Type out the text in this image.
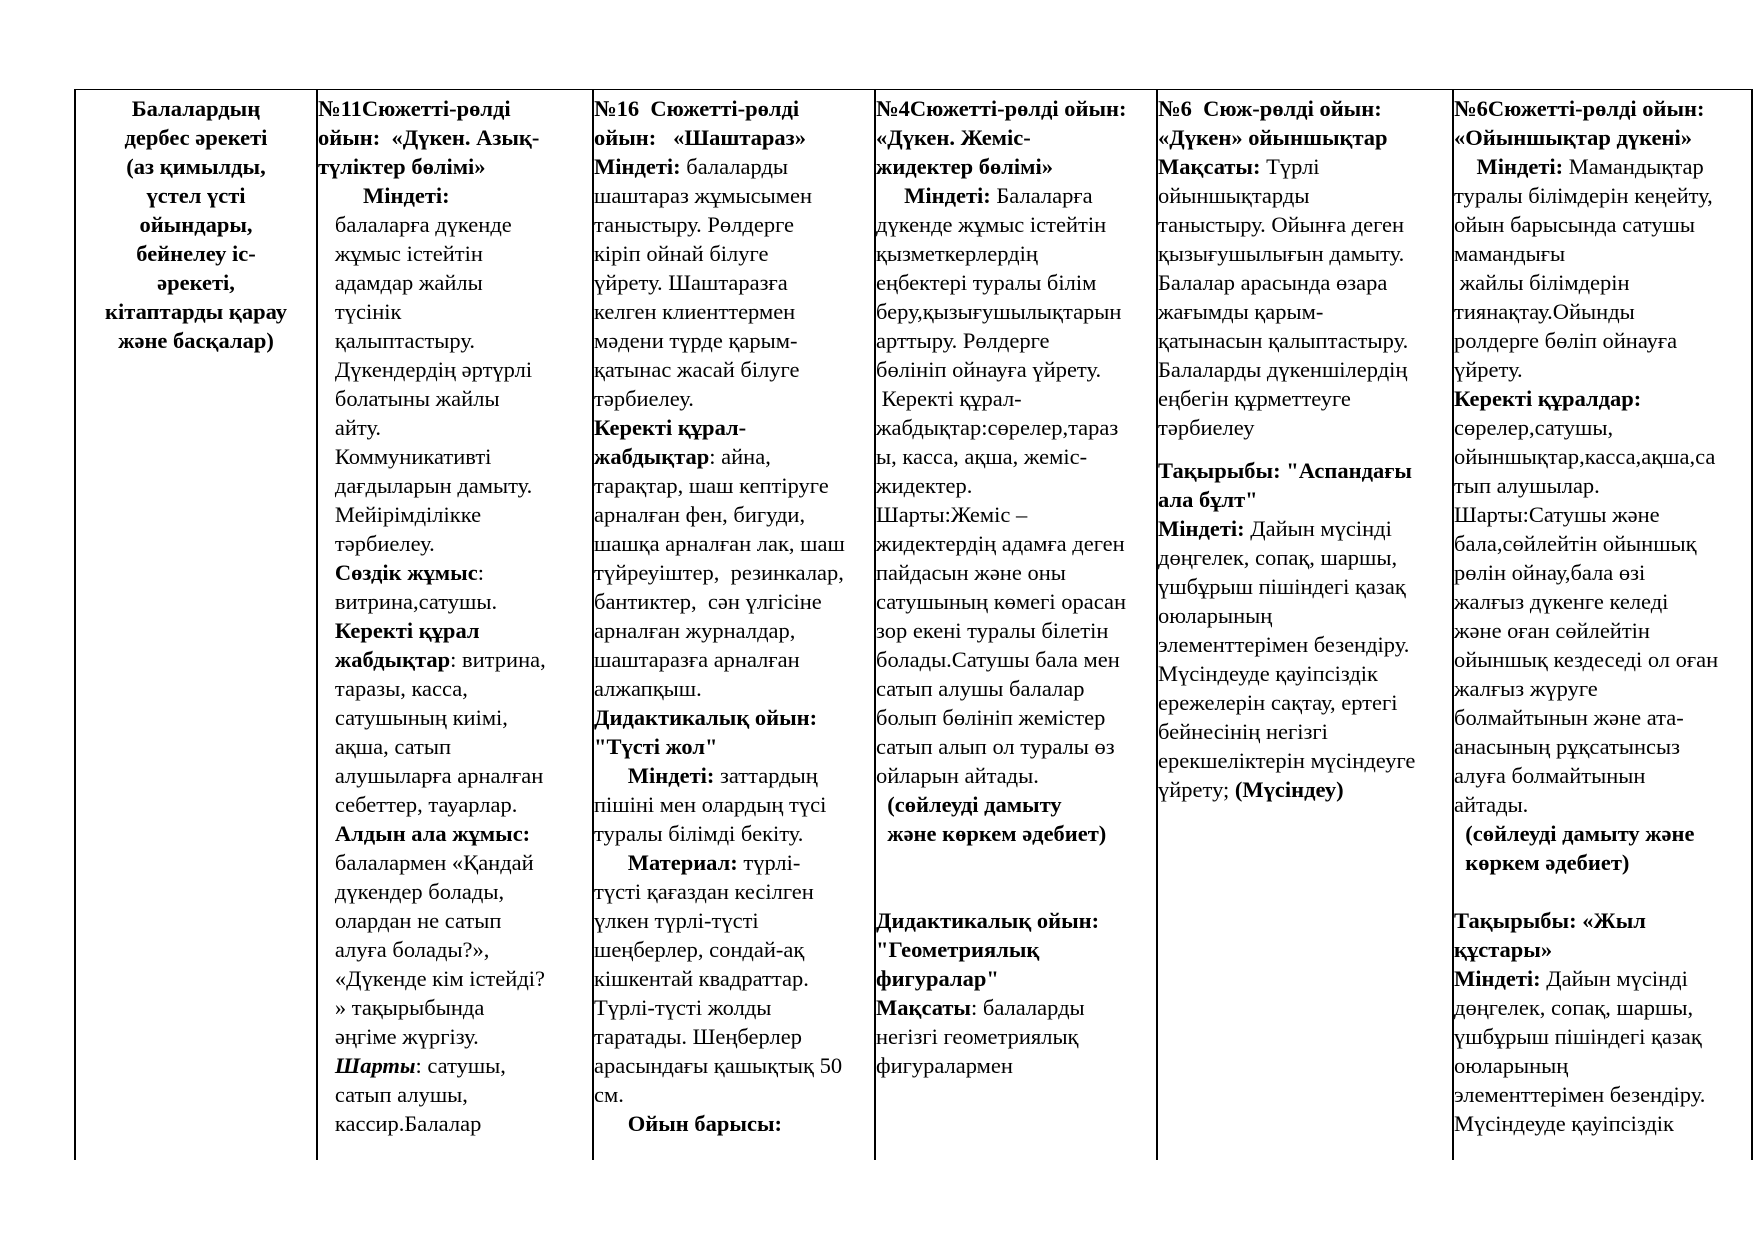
Балалардың
дербес әрекеті
(аз қимылды,
үстел үсті
ойындары,
бейнелеу іс-
әрекеті,
кітаптарды қарау
және басқалар)
№11Сюжетті-рөлді
ойын:  «Дүкен. Азық-
түліктер бөлімі»
Міндеті:
балаларға дүкенде
жұмыс істейтін
адамдар жайлы
түсінік
қалыптастыру.
Дүкендердің әртүрлі
болатыны жайлы
айту.
Коммуникативті
дағдыларын дамыту.
Мейірімділікке
тәрбиелеу.
Сөздік жұмыс:
витрина,сатушы.
Керекті құрал
жабдықтар: витрина,
таразы, касса,
сатушының киімі,
ақша, сатып
алушыларға арналған
себеттер, тауарлар.
Алдын ала жұмыс:
балалармен «Қандай
дүкендер болады,
олардан не сатып
алуға болады?»,
«Дүкенде кім істейді?
» тақырыбында
әңгіме жүргізу.
Шарты: сатушы,
сатып алушы,
кассир.Балалар
№16  Сюжетті-рөлді
ойын:   «Шаштараз»
Міндеті: балаларды
шаштараз жұмысымен
таныстыру. Рөлдерге
кіріп ойнай білуге
үйрету. Шаштаразға
келген клиенттермен
мәдени түрде қарым-
қатынас жасай білуге
тәрбиелеу.
Керекті құрал-
жабдықтар: айна,
тарақтар, шаш кептіруге
арналған фен, бигуди,
шашқа арналған лак, шаш
түйреуіштер,  резинкалар,
бантиктер,  сән үлгісіне
арналған журналдар,
шаштаразға арналған
алжапқыш.
Дидактикалық ойын:
"Түсті жол"
Міндеті: заттардың
пішіні мен олардың түсі
туралы білімді бекіту.
Материал: түрлі-
түсті қағаздан кесілген
үлкен түрлі-түсті
шеңберлер, сондай-ақ
кішкентай квадраттар.
Түрлі-түсті жолды
таратады. Шеңберлер
арасындағы қашықтық 50
см.
Ойын барысы:
№4Сюжетті-рөлді ойын:
«Дүкен. Жеміс-
жидектер бөлімі»
Міндеті: Балаларға
дүкенде жұмыс істейтін
қызметкерлердің
еңбектері туралы білім
беру,қызығушылықтарын
арттыру. Рөлдерге
бөлініп ойнауға үйрету.
Керекті құрал-
жабдықтар:сөрелер,тараз
ы, касса, ақша, жеміс-
жидектер.
Шарты:Жеміс –
жидектердің адамға деген
пайдасын және оны
сатушының көмегі орасан
зор екені туралы білетін
болады.Сатушы бала мен
сатып алушы балалар
болып бөлініп жемістер
сатып алып ол туралы өз
ойларын айтады.
(сөйлеуді дамыту
және көркем әдебиет)
Дидактикалық ойын:
"Геометриялық
фигуралар"
Мақсаты: балаларды
негізгі геометриялық
фигуралармен
№6  Сюж-рөлді ойын:
«Дүкен» ойыншықтар
Мақсаты: Түрлі
ойыншықтарды
таныстыру. Ойынға деген
қызығушылығын дамыту.
Балалар арасында өзара
жағымды қарым-
қатынасын қалыптастыру.
Балаларды дүкеншілердің
еңбегін құрметтеуге
тәрбиелеу
Тақырыбы: "Аспандағы
ала бұлт"
Міндеті: Дайын мүсінді
дөңгелек, сопақ, шаршы,
үшбұрыш пішіндегі қазақ
оюларының
элементтерімен безендіру.
Мүсіндеуде қауіпсіздік
ережелерін сақтау, ертегі
бейнесінің негізгі
ерекшеліктерін мүсіндеуге
үйрету; (Мүсіндеу)
№6Сюжетті-рөлді ойын:
«Ойыншықтар дүкені»
Міндеті: Мамандықтар
туралы білімдерін кеңейту,
ойын барысында сатушы
мамандығы
жайлы білімдерін
тиянақтау.Ойынды
ролдерге бөліп ойнауға
үйрету.
Керекті құралдар:
сөрелер,сатушы,
ойыншықтар,касса,ақша,са
тып алушылар.
Шарты:Сатушы және
бала,сөйлейтін ойыншық
рөлін ойнау,бала өзі
жалғыз дүкенге келеді
және оған сөйлейтін
ойыншық кездеседі ол оған
жалғыз жүруге
болмайтынын және ата-
анасының рұқсатынсыз
алуға болмайтынын
айтады.
(сөйлеуді дамыту және
көркем әдебиет)
Тақырыбы: «Жыл
құстары»
Міндеті: Дайын мүсінді
дөңгелек, сопақ, шаршы,
үшбұрыш пішіндегі қазақ
оюларының
элементтерімен безендіру.
Мүсіндеуде қауіпсіздік
